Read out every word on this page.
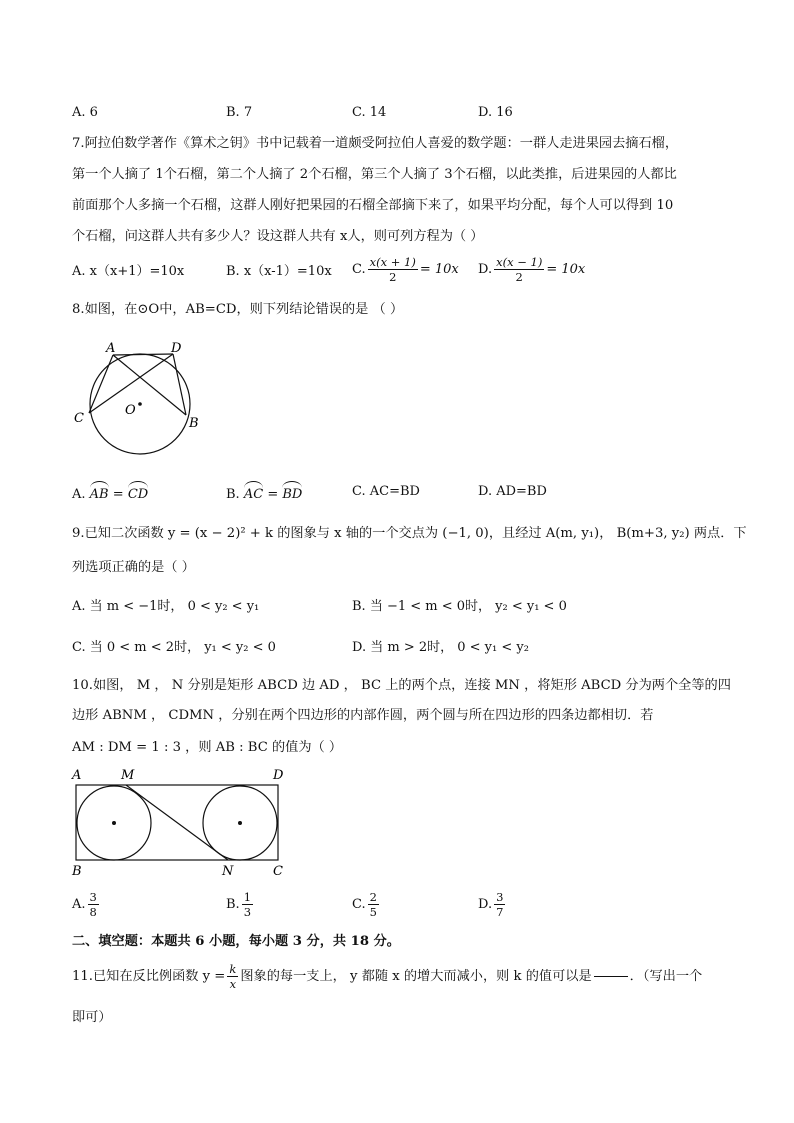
A. 6	B. 7	C. 14	D. 16
7.阿拉伯数学著作《算术之钥》书中记载着一道颇受阿拉伯人喜爱的数学题：一群人走进果园去摘石榴，
第一个人摘了 1个石榴，第二个人摘了 2个石榴，第三个人摘了 3个石榴，以此类推，后进果园的人都比
前面那个人多摘一个石榴，这群人刚好把果园的石榴全部摘下来了，如果平均分配，每个人可以得到 10
个石榴，问这群人共有多少人？设这群人共有 x人，则可列方程为（ ）
A. x（x+1）=10x	B. x（x-1）=10x C. $\frac{x(x + 1)}{2} = 10x$ D. $\frac{x(x - 1)}{2} = 10x$
8.如图，在⊙O中，AB=CD，则下列结论错误的是 （ ）
A	D
C	B
O
A. AB = CD	B. AC = BD	C. AC=BD	D. AD=BD
9.已知二次函数 y = (x − 2)² + k 的图象与 x 轴的一个交点为 (−1, 0)，且经过 A(m, y₁)， B(m+3, y₂) 两点．下
列选项正确的是（ ）
A. 当 m < −1时， 0 < y₂ < y₁	B. 当 −1 < m < 0时， y₂ < y₁ < 0
C. 当 0 < m < 2时， y₁ < y₂ < 0	D. 当 m > 2时， 0 < y₁ < y₂
10.如图， M ， N 分别是矩形 ABCD 边 AD ， BC 上的两个点，连接 MN ，将矩形 ABCD 分为两个全等的四
边形 ABNM ， CDMN ，分别在两个四边形的内部作圆，两个圆与所在四边形的四条边都相切．若
AM : DM = 1 : 3 ，则 AB : BC 的值为（ ）
A	M	D
B	N	C
A. $\frac{3}{8}$	B. $\frac{1}{3}$	C. $\frac{2}{5}$	D. $\frac{3}{7}$
二、填空题：本题共 6 小题，每小题 3 分，共 18 分。
11.已知在反比例函数 $y = \frac{k}{x}$ 图象的每一支上， y 都随 x 的增大而减小，则 k 的值可以是	．（写出一个
即可）
